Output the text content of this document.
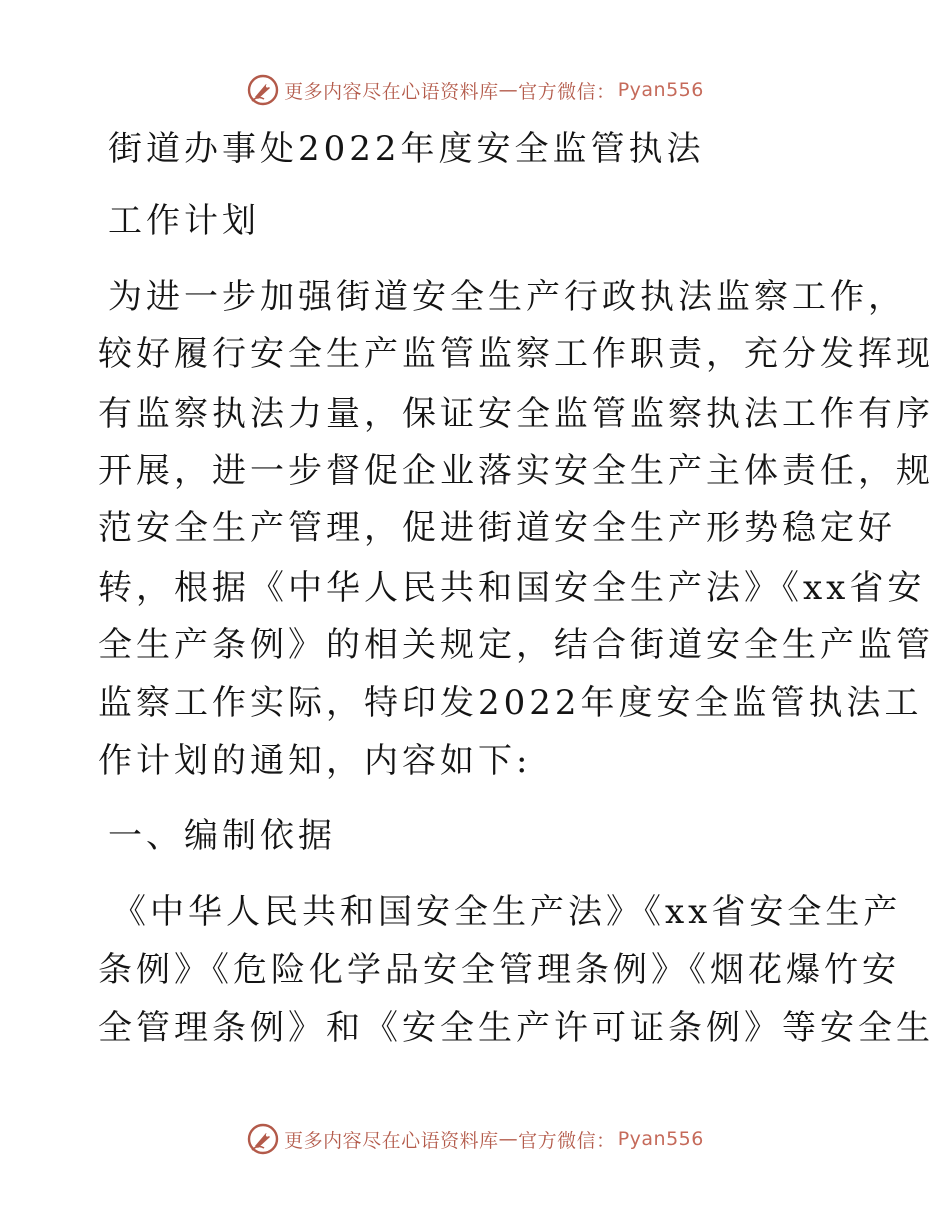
更多内容尽在心语资料库 — 官方微信： Pyan556
街道办事处2022年度安全监管执法
工作计划
为进一步加强街道安全生产行政执法监察工作，
较好履行安全生产监管监察工作职责，充分发挥现
有监察执法力量，保证安全监管监察执法工作有序
开展，进一步督促企业落实安全生产主体责任，规
范安全生产管理，促进街道安全生产形势稳定好
转，根据《中华人民共和国安全生产法》《xx省安
全生产条例》的相关规定，结合街道安全生产监管
监察工作实际，特印发2022年度安全监管执法工
作计划的通知，内容如下:
一、编制依据
《中华人民共和国安全生产法》《xx省安全生产
条例》《危险化学品安全管理条例》《烟花爆竹安
全管理条例》和《安全生产许可证条例》等安全生
更多内容尽在心语资料库 — 官方微信： Pyan556
